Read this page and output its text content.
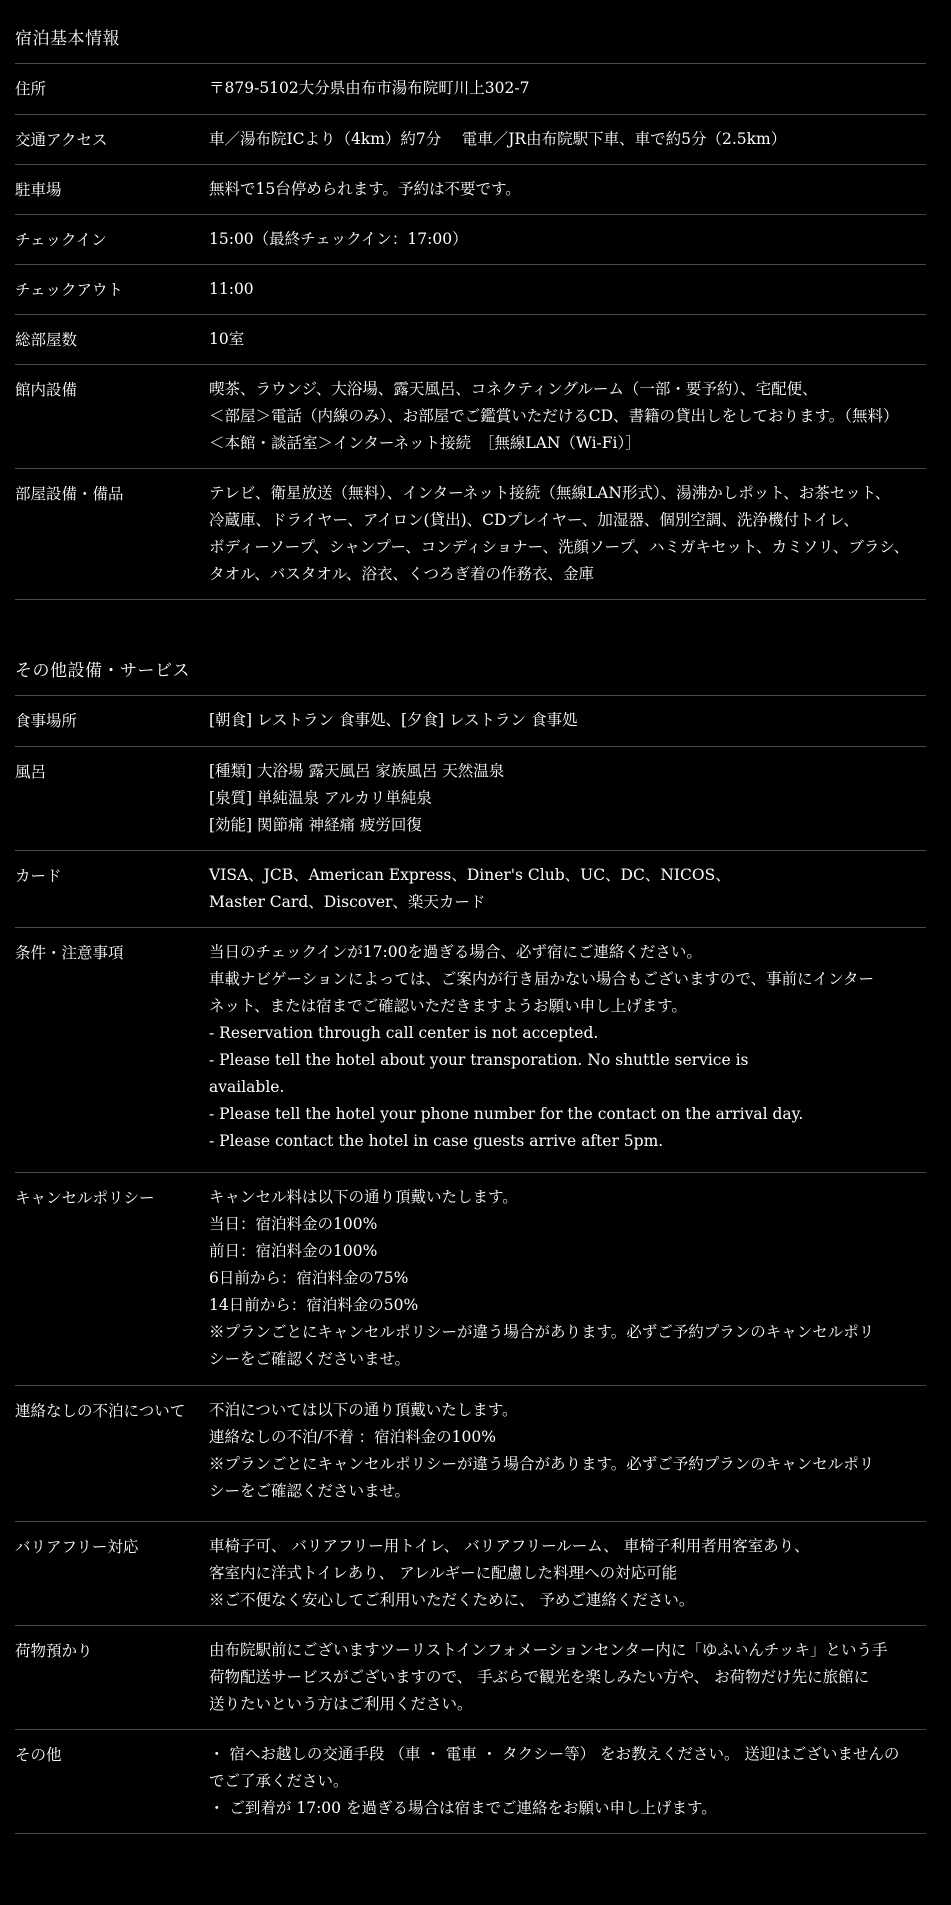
宿泊基本情報
住所	〒879-5102大分県由布市湯布院町川上302-7
交通アクセス	車／湯布院ICより（4km）約7分　 電車／JR由布院駅下車、車で約5分（2.5km）
駐車場	無料で15台停められます。予約は不要です。
チェックイン	15:00（最終チェックイン：17:00）
チェックアウト	11:00
総部屋数	10室
館内設備	喫茶、ラウンジ、大浴場、露天風呂、コネクティングルーム（一部・要予約）、宅配便、
＜部屋＞電話（内線のみ）、お部屋でご鑑賞いただけるCD、書籍の貸出しをしております。（無料）
＜本館・談話室＞インターネット接続　［無線LAN（Wi-Fi）］
部屋設備・備品	テレビ、衛星放送（無料）、インターネット接続（無線LAN形式）、湯沸かしポット、お茶セット、
冷蔵庫、ドライヤー、アイロン(貸出)、CDプレイヤー、加湿器、個別空調、洗浄機付トイレ、
ボディーソープ、シャンプー、コンディショナー、洗顔ソープ、ハミガキセット、カミソリ、ブラシ、
タオル、バスタオル、浴衣、くつろぎ着の作務衣、金庫
その他設備・サービス
食事場所	[朝食] レストラン 食事処、[夕食] レストラン 食事処
風呂	[種類] 大浴場 露天風呂 家族風呂 天然温泉
[泉質] 単純温泉 アルカリ単純泉
[効能] 関節痛 神経痛 疲労回復
カード	VISA、JCB、American Express、Diner's Club、UC、DC、NICOS、
Master Card、Discover、楽天カード
条件・注意事項	当日のチェックインが17:00を過ぎる場合、必ず宿にご連絡ください。
車載ナビゲーションによっては、ご案内が行き届かない場合もございますので、事前にインター
ネット、または宿までご確認いただきますようお願い申し上げます。
- Reservation through call center is not accepted.
- Please tell the hotel about your transporation. No shuttle service is
available.
- Please tell the hotel your phone number for the contact on the arrival day.
- Please contact the hotel in case guests arrive after 5pm.
キャンセルポリシー	キャンセル料は以下の通り頂戴いたします。
当日：宿泊料金の100%
前日：宿泊料金の100%
6日前から：宿泊料金の75%
14日前から：宿泊料金の50%
※プランごとにキャンセルポリシーが違う場合があります。必ずご予約プランのキャンセルポリ
シーをご確認くださいませ。
連絡なしの不泊について	不泊については以下の通り頂戴いたします。
連絡なしの不泊/不着 ：宿泊料金の100%
※プランごとにキャンセルポリシーが違う場合があります。必ずご予約プランのキャンセルポリ
シーをご確認くださいませ。
バリアフリー対応	車椅子可、 バリアフリー用トイレ、 バリアフリールーム、 車椅子利用者用客室あり、
客室内に洋式トイレあり、 アレルギーに配慮した料理への対応可能
※ご不便なく安心してご利用いただくために、 予めご連絡ください。
荷物預かり	由布院駅前にございますツーリストインフォメーションセンター内に「ゆふいんチッキ」という手
荷物配送サービスがございますので、 手ぶらで観光を楽しみたい方や、 お荷物だけ先に旅館に
送りたいという方はご利用ください。
その他	・ 宿へお越しの交通手段 （車 ・ 電車 ・ タクシー等） をお教えください。 送迎はございませんの
でご了承ください。
・ ご到着が 17:00 を過ぎる場合は宿までご連絡をお願い申し上げます。
